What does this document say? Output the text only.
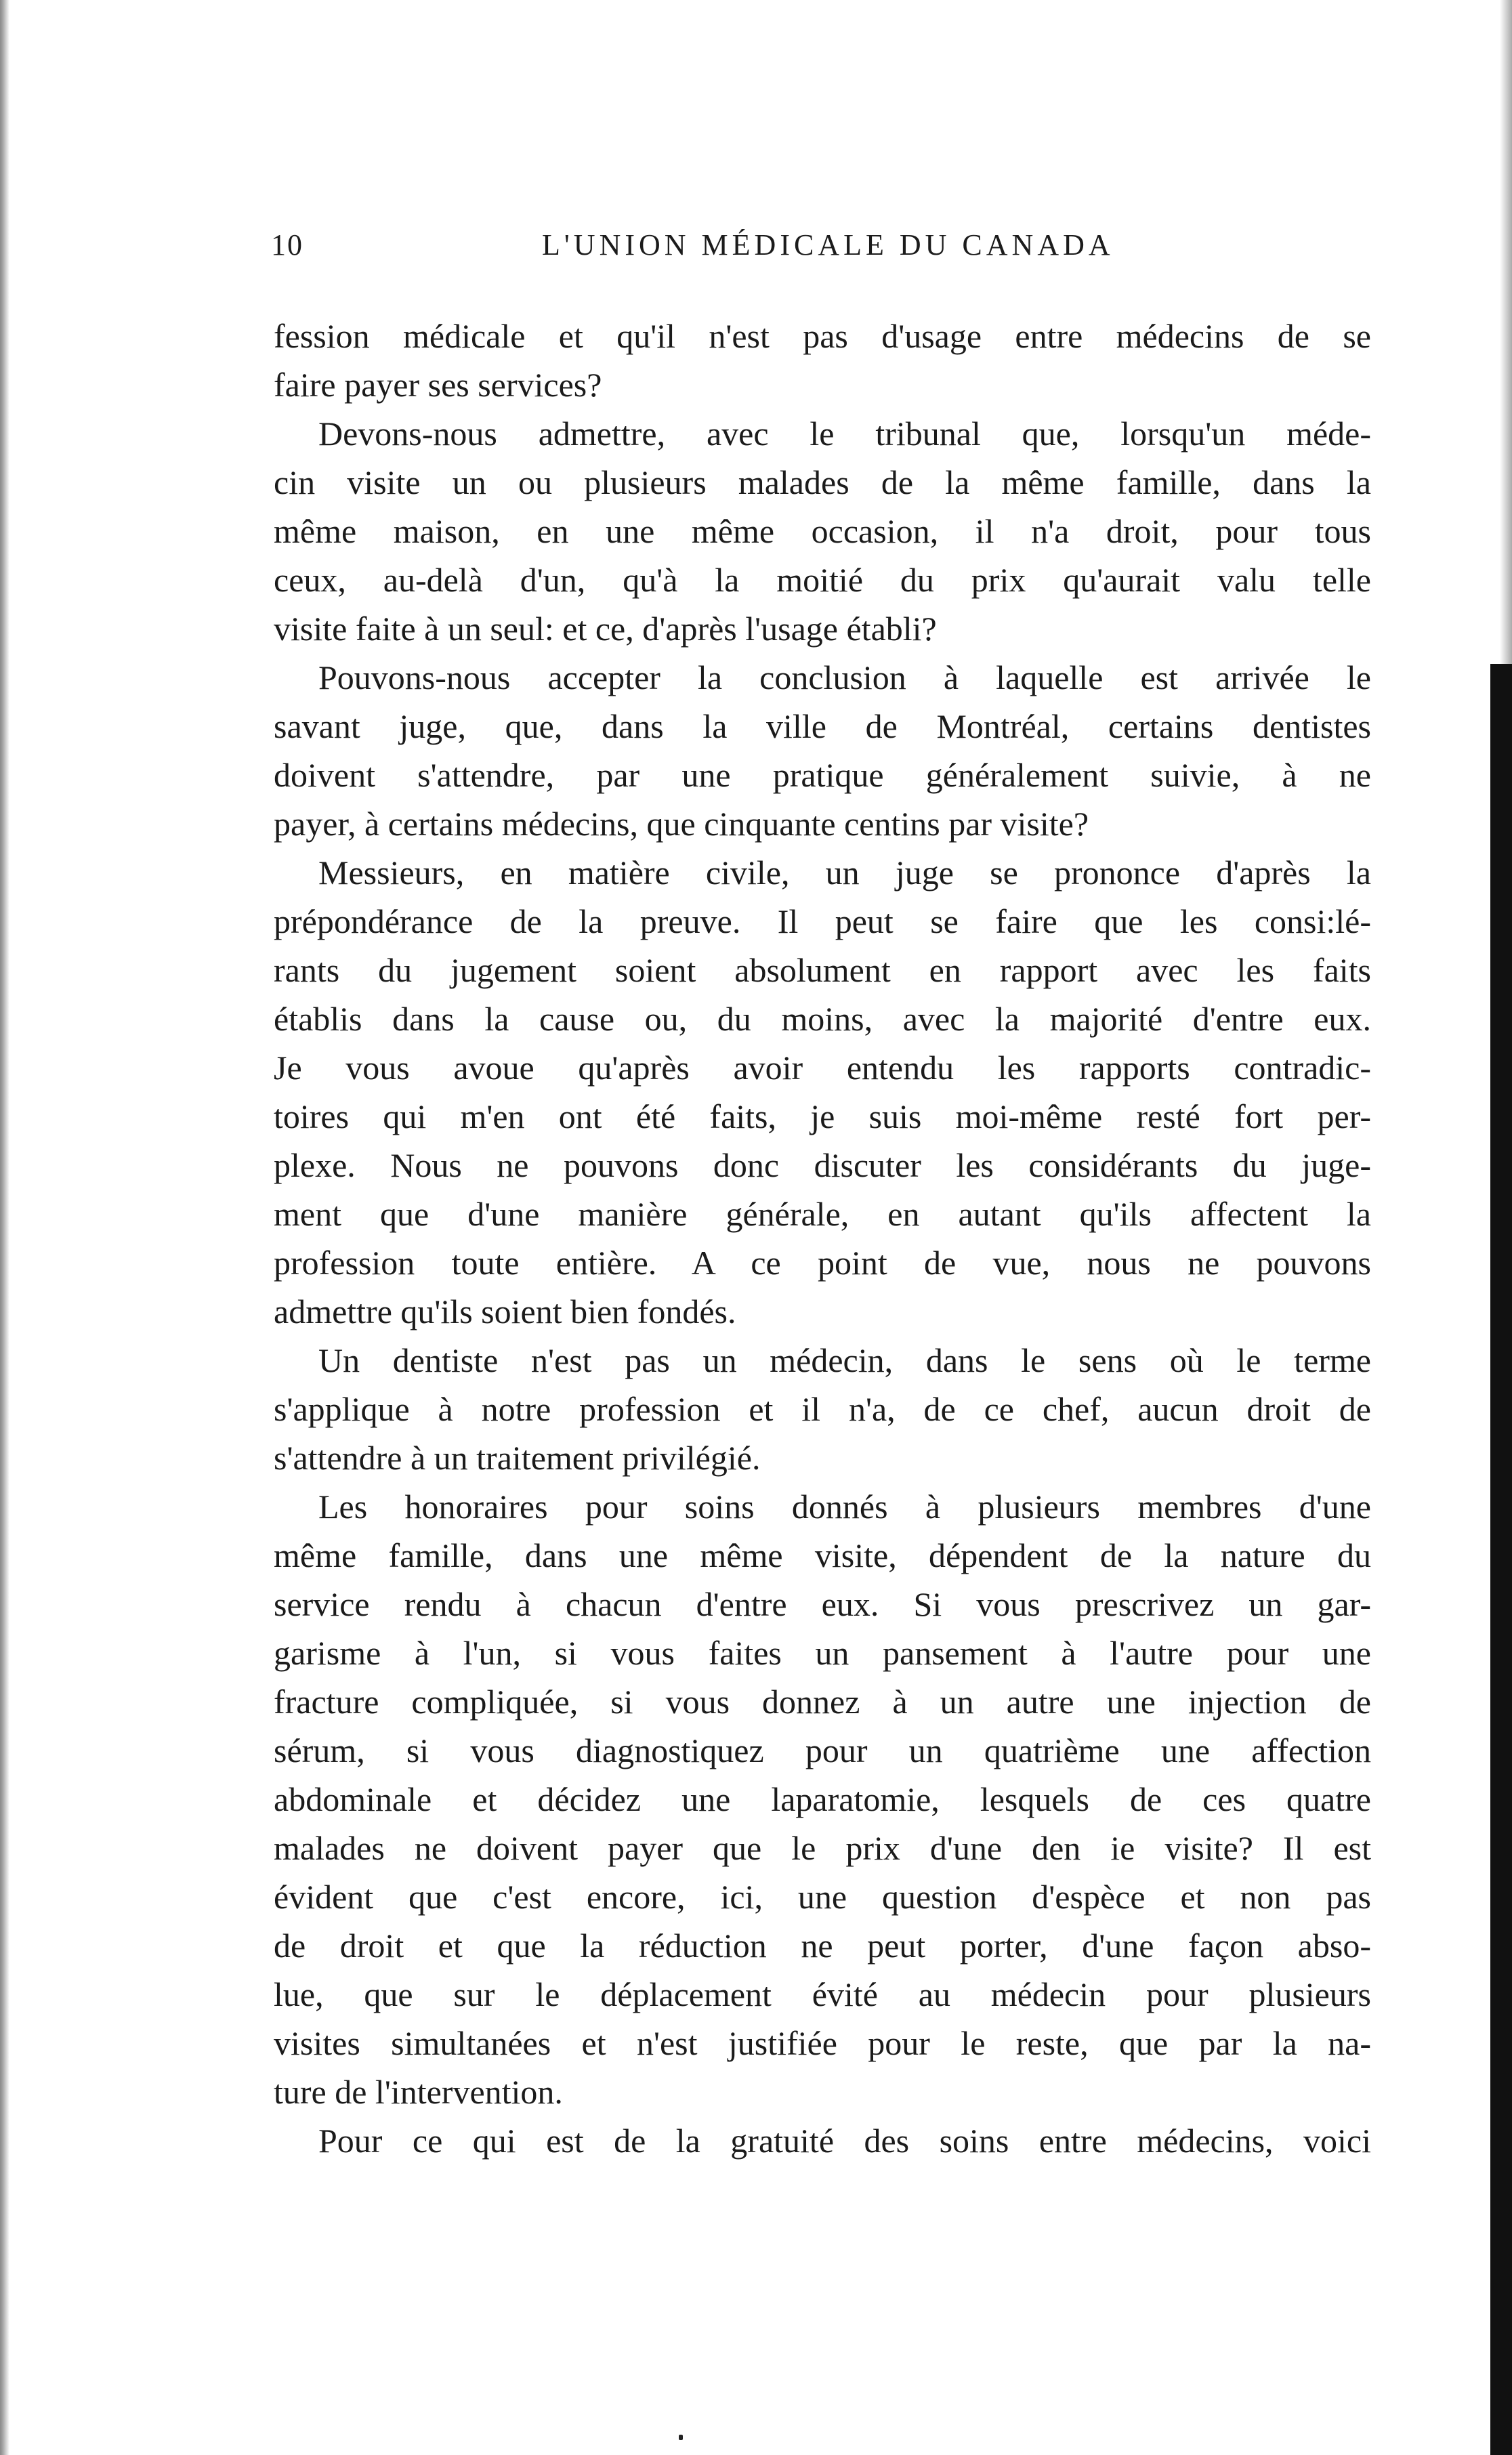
10	L'UNION MÉDICALE DU CANADA
fession médicale et qu'il n'est pas d'usage entre médecins de se
faire payer ses services?
Devons-nous admettre, avec le tribunal que, lorsqu'un méde-
cin visite un ou plusieurs malades de la même famille, dans la
même maison, en une même occasion, il n'a droit, pour tous
ceux, au-delà d'un, qu'à la moitié du prix qu'aurait valu telle
visite faite à un seul: et ce, d'après l'usage établi?
Pouvons-nous accepter la conclusion à laquelle est arrivée le
savant juge, que, dans la ville de Montréal, certains dentistes
doivent s'attendre, par une pratique généralement suivie, à ne
payer, à certains médecins, que cinquante centins par visite?
Messieurs, en matière civile, un juge se prononce d'après la
prépondérance de la preuve. Il peut se faire que les consi:lé-
rants du jugement soient absolument en rapport avec les faits
établis dans la cause ou, du moins, avec la majorité d'entre eux.
Je vous avoue qu'après avoir entendu les rapports contradic-
toires qui m'en ont été faits, je suis moi-même resté fort per-
plexe. Nous ne pouvons donc discuter les considérants du juge-
ment que d'une manière générale, en autant qu'ils affectent la
profession toute entière. A ce point de vue, nous ne pouvons
admettre qu'ils soient bien fondés.
Un dentiste n'est pas un médecin, dans le sens où le terme
s'applique à notre profession et il n'a, de ce chef, aucun droit de
s'attendre à un traitement privilégié.
Les honoraires pour soins donnés à plusieurs membres d'une
même famille, dans une même visite, dépendent de la nature du
service rendu à chacun d'entre eux. Si vous prescrivez un gar-
garisme à l'un, si vous faites un pansement à l'autre pour une
fracture compliquée, si vous donnez à un autre une injection de
sérum, si vous diagnostiquez pour un quatrième une affection
abdominale et décidez une laparatomie, lesquels de ces quatre
malades ne doivent payer que le prix d'une den ie visite? Il est
évident que c'est encore, ici, une question d'espèce et non pas
de droit et que la réduction ne peut porter, d'une façon abso-
lue, que sur le déplacement évité au médecin pour plusieurs
visites simultanées et n'est justifiée pour le reste, que par la na-
ture de l'intervention.
Pour ce qui est de la gratuité des soins entre médecins, voici
